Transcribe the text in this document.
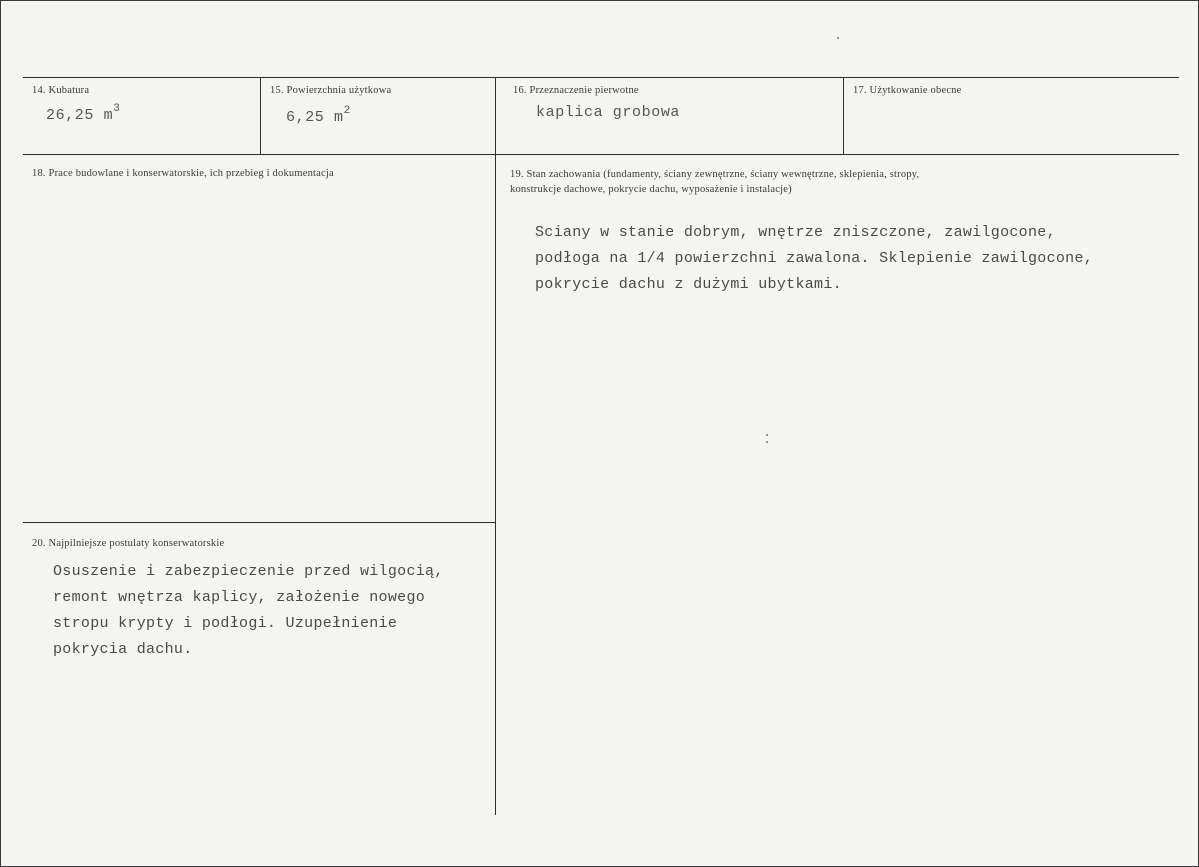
14. Kubatura
26,25 $m^3$
15. Powierzchnia użytkowa
6,25 $m^2$
16. Przeznaczenie pierwotne
kaplica grobowa
17. Użytkowanie obecne
18. Prace budowlane i konserwatorskie, ich przebieg i dokumentacja	19. Stan zachowania (fundamenty, ściany zewnętrzne, ściany wewnętrzne, sklepienia, stropy,
konstrukcje dachowe, pokrycie dachu, wyposażenie i instalacje)
Sciany w stanie dobrym, wnętrze zniszczone, zawilgocone,
podłoga na 1/4 powierzchni zawalona. Sklepienie zawilgocone,
pokrycie dachu z dużymi ubytkami.
20. Najpilniejsze postulaty konserwatorskie
Osuszenie i zabezpieczenie przed wilgocią,
remont wnętrza kaplicy, założenie nowego
stropu krypty i podłogi. Uzupełnienie
pokrycia dachu.
